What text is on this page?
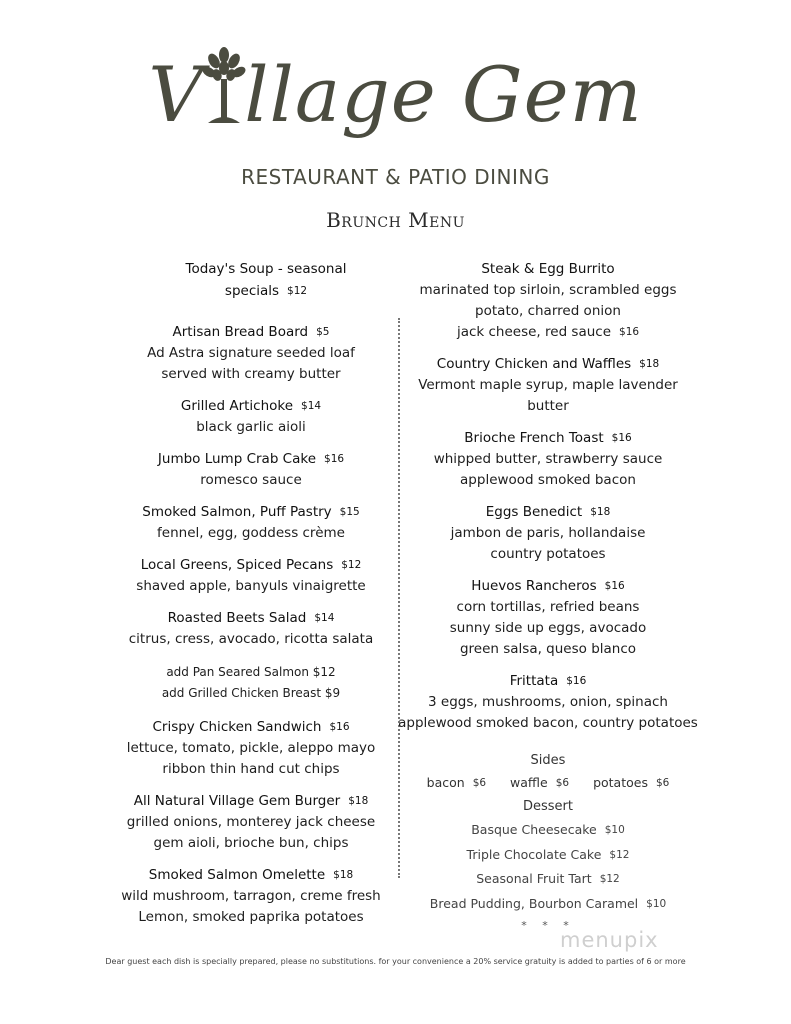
V llage Gem
RESTAURANT & PATIO DINING
Brunch Menu
Today's Soup - seasonal specials $12
Artisan Bread Board $5
Ad Astra signature seeded loaf
served with creamy butter
Grilled Artichoke $14
black garlic aioli
Jumbo Lump Crab Cake $16
romesco sauce
Smoked Salmon, Puff Pastry $15
fennel, egg, goddess crème
Local Greens, Spiced Pecans $12
shaved apple, banyuls vinaigrette
Roasted Beets Salad $14
citrus, cress, avocado, ricotta salata
add Pan Seared Salmon $12
add Grilled Chicken Breast $9
Crispy Chicken Sandwich $16
lettuce, tomato, pickle, aleppo mayo
ribbon thin hand cut chips
All Natural Village Gem Burger $18
grilled onions, monterey jack cheese
gem aioli, brioche bun, chips
Smoked Salmon Omelette $18
wild mushroom, tarragon, creme fresh
Lemon, smoked paprika potatoes
Steak & Egg Burrito
marinated top sirloin, scrambled eggs
potato, charred onion
jack cheese, red sauce $16
Country Chicken and Waffles $18
Vermont maple syrup, maple lavender butter
Brioche French Toast $16
whipped butter, strawberry sauce
applewood smoked bacon
Eggs Benedict $18
jambon de paris, hollandaise
country potatoes
Huevos Rancheros $16
corn tortillas, refried beans
sunny side up eggs, avocado
green salsa, queso blanco
Frittata $16
3 eggs, mushrooms, onion, spinach
applewood smoked bacon, country potatoes
Sides
bacon $6 waffle $6 potatoes $6
Dessert
Basque Cheesecake $10
Triple Chocolate Cake $12
Seasonal Fruit Tart $12
Bread Pudding, Bourbon Caramel $10
* * *
menupix
Dear guest each dish is specially prepared, please no substitutions. for your convenience a 20% service gratuity is added to parties of 6 or more
